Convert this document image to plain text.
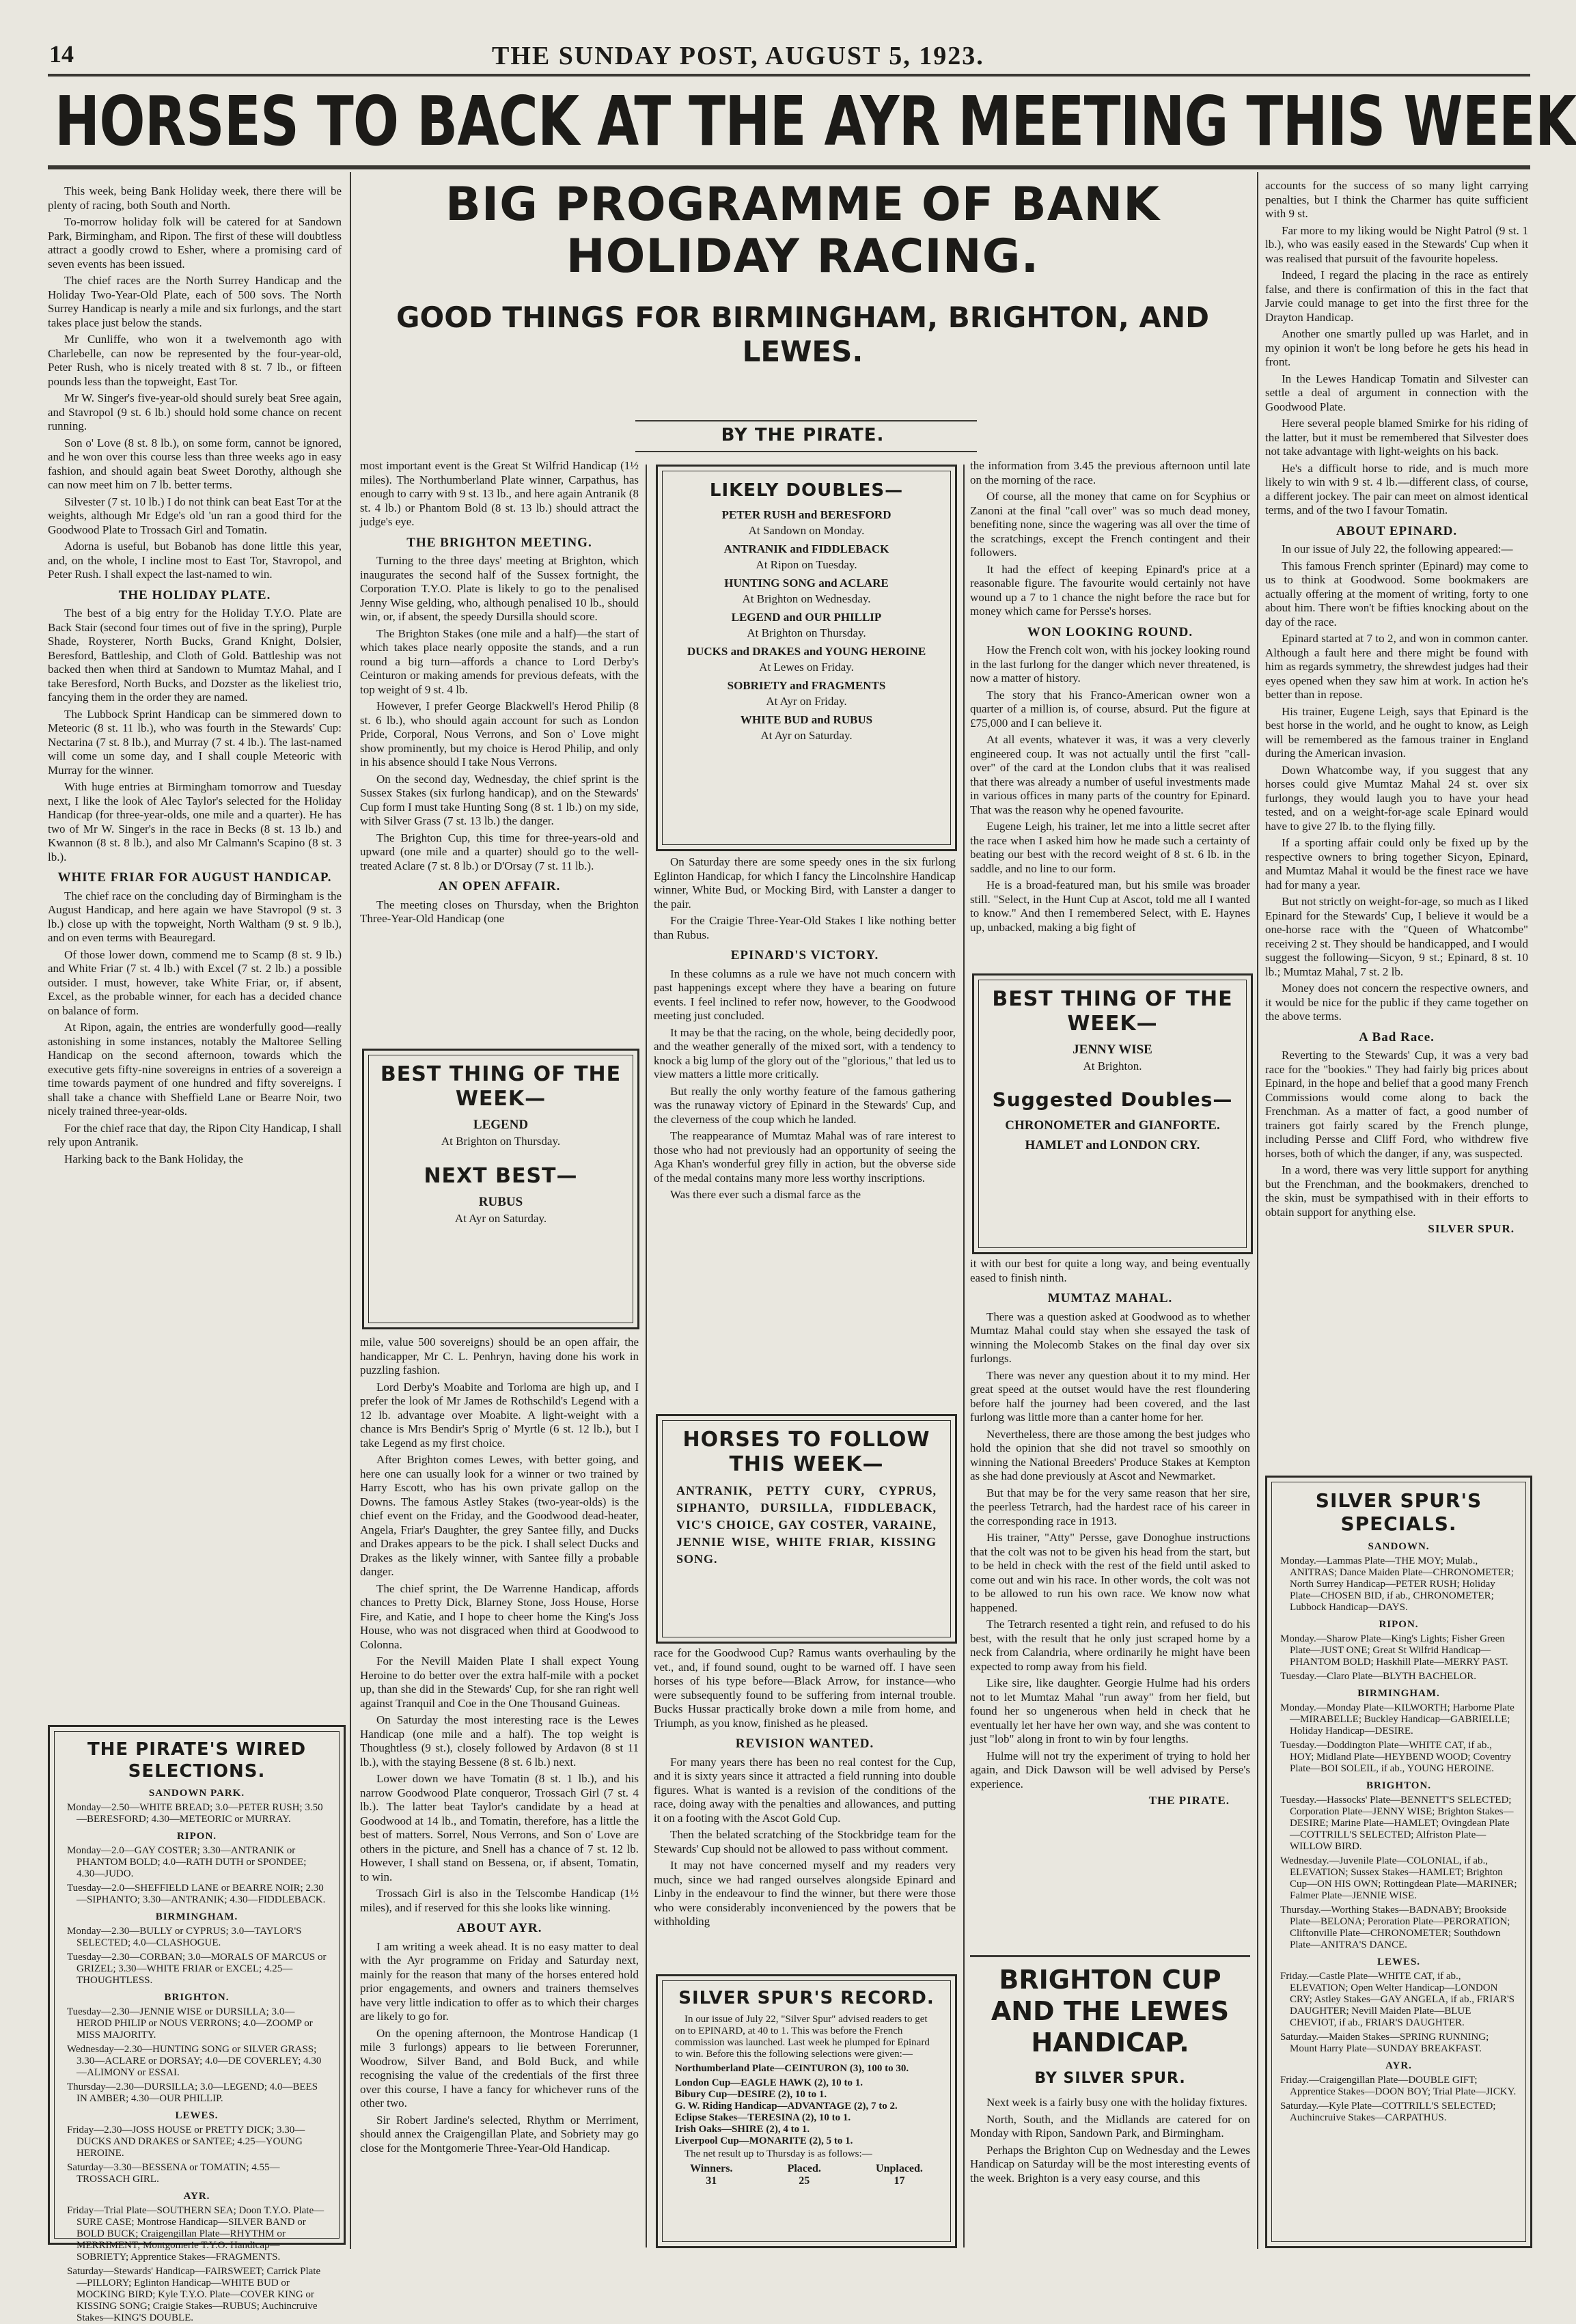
14	THE SUNDAY POST, AUGUST 5, 1923.
HORSES TO BACK AT THE AYR MEETING THIS WEEK

This week, being Bank Holiday week, there there will be plenty of racing, both South and North.

To-morrow holiday folk will be catered for at Sandown Park, Birmingham, and Ripon. The first of these will doubtless attract a goodly crowd to Esher, where a promising card of seven events has been issued.

The chief races are the North Surrey Handicap and the Holiday Two-Year-Old Plate, each of 500 sovs. The North Surrey Handicap is nearly a mile and six furlongs, and the start takes place just below the stands.

Mr Cunliffe, who won it a twelvemonth ago with Charlebelle, can now be represented by the four-year-old, Peter Rush, who is nicely treated with 8 st. 7 lb., or fifteen pounds less than the topweight, East Tor.

Mr W. Singer's five-year-old should surely beat Sree again, and Stavropol (9 st. 6 lb.) should hold some chance on recent running.

Son o' Love (8 st. 8 lb.), on some form, cannot be ignored, and he won over this course less than three weeks ago in easy fashion, and should again beat Sweet Dorothy, although she can now meet him on 7 lb. better terms.

Silvester (7 st. 10 lb.) I do not think can beat East Tor at the weights, although Mr Edge's old 'un ran a good third for the Goodwood Plate to Trossach Girl and Tomatin.

Adorna is useful, but Bobanob has done little this year, and, on the whole, I incline most to East Tor, Stavropol, and Peter Rush. I shall expect the last-named to win.

THE HOLIDAY PLATE.

The best of a big entry for the Holiday T.Y.O. Plate are Back Stair (second four times out of five in the spring), Purple Shade, Roysterer, North Bucks, Grand Knight, Dolsier, Beresford, Battleship, and Cloth of Gold. Battleship was not backed then when third at Sandown to Mumtaz Mahal, and I take Beresford, North Bucks, and Dozster as the likeliest trio, fancying them in the order they are named.

The Lubbock Sprint Handicap can be simmered down to Meteoric (8 st. 11 lb.), who was fourth in the Stewards' Cup: Nectarina (7 st. 8 lb.), and Murray (7 st. 4 lb.). The last-named will come un some day, and I shall couple Meteoric with Murray for the winner.

With huge entries at Birmingham tomorrow and Tuesday next, I like the look of Alec Taylor's selected for the Holiday Handicap (for three-year-olds, one mile and a quarter). He has two of Mr W. Singer's in the race in Becks (8 st. 13 lb.) and Kwannon (8 st. 8 lb.), and also Mr Calmann's Scapino (8 st. 3 lb.).

WHITE FRIAR FOR AUGUST HANDICAP.

The chief race on the concluding day of Birmingham is the August Handicap, and here again we have Stavropol (9 st. 3 lb.) close up with the topweight, North Waltham (9 st. 9 lb.), and on even terms with Beauregard.

Of those lower down, commend me to Scamp (8 st. 9 lb.) and White Friar (7 st. 4 lb.) with Excel (7 st. 2 lb.) a possible outsider. I must, however, take White Friar, or, if absent, Excel, as the probable winner, for each has a decided chance on balance of form.

At Ripon, again, the entries are wonderfully good—really astonishing in some instances, notably the Maltoree Selling Handicap on the second afternoon, towards which the executive gets fifty-nine sovereigns in entries of a sovereign a time towards payment of one hundred and fifty sovereigns. I shall take a chance with Sheffield Lane or Bearre Noir, two nicely trained three-year-olds.

For the chief race that day, the Ripon City Handicap, I shall rely upon Antranik.

Harking back to the Bank Holiday, the

THE PIRATE'S WIRED SELECTIONS.
SANDOWN PARK.
Monday—2.50—WHITE BREAD; 3.0—PETER RUSH; 3.50—BERESFORD; 4.30—METEORIC or MURRAY.
RIPON.
Monday—2.0—GAY COSTER; 3.30—ANTRANIK or PHANTOM BOLD; 4.0—RATH DUTH or SPONDEE; 4.30—JUDO.
Tuesday—2.0—SHEFFIELD LANE or BEARRE NOIR; 2.30—SIPHANTO; 3.30—ANTRANIK; 4.30—FIDDLEBACK.
BIRMINGHAM.
Monday—2.30—BULLY or CYPRUS; 3.0—TAYLOR'S SELECTED; 4.0—CLASHOGUE.
Tuesday—2.30—CORBAN; 3.0—MORALS OF MARCUS or GRIZEL; 3.30—WHITE FRIAR or EXCEL; 4.25—THOUGHTLESS.
BRIGHTON.
Tuesday—2.30—JENNIE WISE or DURSILLA; 3.0—HEROD PHILIP or NOUS VERRONS; 4.0—ZOOMP or MISS MAJORITY.
Wednesday—2.30—HUNTING SONG or SILVER GRASS; 3.30—ACLARE or DORSAY; 4.0—DE COVERLEY; 4.30—ALIMONY or ESSAI.
Thursday—2.30—DURSILLA; 3.0—LEGEND; 4.0—BEES IN AMBER; 4.30—OUR PHILLIP.
LEWES.
Friday—2.30—JOSS HOUSE or PRETTY DICK; 3.30—DUCKS AND DRAKES or SANTEE; 4.25—YOUNG HEROINE.
Saturday—3.30—BESSENA or TOMATIN; 4.55—TROSSACH GIRL.
AYR.
Friday—Trial Plate—SOUTHERN SEA; Doon T.Y.O. Plate—SURE CASE; Montrose Handicap—SILVER BAND or BOLD BUCK; Craigengillan Plate—RHYTHM or MERRIMENT; Montgomerie T.Y.O. Handicap—SOBRIETY; Apprentice Stakes—FRAGMENTS.
Saturday—Stewards' Handicap—FAIRSWEET; Carrick Plate—PILLORY; Eglinton Handicap—WHITE BUD or MOCKING BIRD; Kyle T.Y.O. Plate—COVER KING or KISSING SONG; Craigie Stakes—RUBUS; Auchincruive Stakes—KING'S DOUBLE.
BIG PROGRAMME OF BANK HOLIDAY RACING.
GOOD THINGS FOR BIRMINGHAM, BRIGHTON, AND LEWES.
BY THE PIRATE.

most important event is the Great St Wilfrid Handicap (1½ miles). The Northumberland Plate winner, Carpathus, has enough to carry with 9 st. 13 lb., and here again Antranik (8 st. 4 lb.) or Phantom Bold (8 st. 13 lb.) should attract the judge's eye.

THE BRIGHTON MEETING.

Turning to the three days' meeting at Brighton, which inaugurates the second half of the Sussex fortnight, the Corporation T.Y.O. Plate is likely to go to the penalised Jenny Wise gelding, who, although penalised 10 lb., should win, or, if absent, the speedy Dursilla should score.

The Brighton Stakes (one mile and a half)—the start of which takes place nearly opposite the stands, and a run round a big turn—affords a chance to Lord Derby's Ceinturon or making amends for previous defeats, with the top weight of 9 st. 4 lb.

However, I prefer George Blackwell's Herod Philip (8 st. 6 lb.), who should again account for such as London Pride, Corporal, Nous Verrons, and Son o' Love might show prominently, but my choice is Herod Philip, and only in his absence should I take Nous Verrons.

On the second day, Wednesday, the chief sprint is the Sussex Stakes (six furlong handicap), and on the Stewards' Cup form I must take Hunting Song (8 st. 1 lb.) on my side, with Silver Grass (7 st. 13 lb.) the danger.

The Brighton Cup, this time for three-years-old and upward (one mile and a quarter) should go to the well-treated Aclare (7 st. 8 lb.) or D'Orsay (7 st. 11 lb.).

AN OPEN AFFAIR.

The meeting closes on Thursday, when the Brighton Three-Year-Old Handicap (one

BEST THING OF THE WEEK—
LEGEND
At Brighton on Thursday.
NEXT BEST—
RUBUS
At Ayr on Saturday.

mile, value 500 sovereigns) should be an open affair, the handicapper, Mr C. L. Penhryn, having done his work in puzzling fashion.

Lord Derby's Moabite and Torloma are high up, and I prefer the look of Mr James de Rothschild's Legend with a 12 lb. advantage over Moabite. A light-weight with a chance is Mrs Bendir's Sprig o' Myrtle (6 st. 12 lb.), but I take Legend as my first choice.

After Brighton comes Lewes, with better going, and here one can usually look for a winner or two trained by Harry Escott, who has his own private gallop on the Downs. The famous Astley Stakes (two-year-olds) is the chief event on the Friday, and the Goodwood dead-heater, Angela, Friar's Daughter, the grey Santee filly, and Ducks and Drakes appears to be the pick. I shall select Ducks and Drakes as the likely winner, with Santee filly a probable danger.

The chief sprint, the De Warrenne Handicap, affords chances to Pretty Dick, Blarney Stone, Joss House, Horse Fire, and Katie, and I hope to cheer home the King's Joss House, who was not disgraced when third at Goodwood to Colonna.

For the Nevill Maiden Plate I shall expect Young Heroine to do better over the extra half-mile with a pocket up, than she did in the Stewards' Cup, for she ran right well against Tranquil and Coe in the One Thousand Guineas.

On Saturday the most interesting race is the Lewes Handicap (one mile and a half). The top weight is Thoughtless (9 st.), closely followed by Ardavon (8 st 11 lb.), with the staying Bessene (8 st. 6 lb.) next.

Lower down we have Tomatin (8 st. 1 lb.), and his narrow Goodwood Plate conqueror, Trossach Girl (7 st. 4 lb.). The latter beat Taylor's candidate by a head at Goodwood at 14 lb., and Tomatin, therefore, has a little the best of matters. Sorrel, Nous Verrons, and Son o' Love are others in the picture, and Snell has a chance of 7 st. 12 lb. However, I shall stand on Bessena, or, if absent, Tomatin, to win.

Trossach Girl is also in the Telscombe Handicap (1½ miles), and if reserved for this she looks like winning.

ABOUT AYR.

I am writing a week ahead. It is no easy matter to deal with the Ayr programme on Friday and Saturday next, mainly for the reason that many of the horses entered hold prior engagements, and owners and trainers themselves have very little indication to offer as to which their charges are likely to go for.

On the opening afternoon, the Montrose Handicap (1 mile 3 furlongs) appears to lie between Forerunner, Woodrow, Silver Band, and Bold Buck, and while recognising the value of the credentials of the first three over this course, I have a fancy for whichever runs of the other two.

Sir Robert Jardine's selected, Rhythm or Merriment, should annex the Craigengillan Plate, and Sobriety may go close for the Montgomerie Three-Year-Old Handicap.

LIKELY DOUBLES—
PETER RUSH and BERESFORD
At Sandown on Monday.
ANTRANIK and FIDDLEBACK
At Ripon on Tuesday.
HUNTING SONG and ACLARE
At Brighton on Wednesday.
LEGEND and OUR PHILLIP
At Brighton on Thursday.
DUCKS and DRAKES and YOUNG HEROINE
At Lewes on Friday.
SOBRIETY and FRAGMENTS
At Ayr on Friday.
WHITE BUD and RUBUS
At Ayr on Saturday.

On Saturday there are some speedy ones in the six furlong Eglinton Handicap, for which I fancy the Lincolnshire Handicap winner, White Bud, or Mocking Bird, with Lanster a danger to the pair.

For the Craigie Three-Year-Old Stakes I like nothing better than Rubus.

EPINARD'S VICTORY.

In these columns as a rule we have not much concern with past happenings except where they have a bearing on future events. I feel inclined to refer now, however, to the Goodwood meeting just concluded.

It may be that the racing, on the whole, being decidedly poor, and the weather generally of the mixed sort, with a tendency to knock a big lump of the glory out of the "glorious," that led us to view matters a little more critically.

But really the only worthy feature of the famous gathering was the runaway victory of Epinard in the Stewards' Cup, and the cleverness of the coup which he landed.

The reappearance of Mumtaz Mahal was of rare interest to those who had not previously had an opportunity of seeing the Aga Khan's wonderful grey filly in action, but the obverse side of the medal contains many more less worthy inscriptions.

Was there ever such a dismal farce as the

HORSES TO FOLLOW THIS WEEK—
ANTRANIK, PETTY CURY, CYPRUS, SIPHANTO, DURSILLA, FIDDLEBACK, VIC'S CHOICE, GAY COSTER, VARAINE, JENNIE WISE, WHITE FRIAR, KISSING SONG.

race for the Goodwood Cup? Ramus wants overhauling by the vet., and, if found sound, ought to be warned off. I have seen horses of his type before—Black Arrow, for instance—who were subsequently found to be suffering from internal trouble. Bucks Hussar practically broke down a mile from home, and Triumph, as you know, finished as he pleased.

REVISION WANTED.

For many years there has been no real contest for the Cup, and it is sixty years since it attracted a field running into double figures. What is wanted is a revision of the conditions of the race, doing away with the penalties and allowances, and putting it on a footing with the Ascot Gold Cup.

Then the belated scratching of the Stockbridge team for the Stewards' Cup should not be allowed to pass without comment.

It may not have concerned myself and my readers very much, since we had ranged ourselves alongside Epinard and Linby in the endeavour to find the winner, but there were those who were considerably inconvenienced by the powers that be withholding

SILVER SPUR'S RECORD.
In our issue of July 22, "Silver Spur" advised readers to get on to EPINARD, at 40 to 1. This was before the French commission was launched. Last week he plumped for Epinard to win. Before this the following selections were given:—
Northumberland Plate—CEINTURON (3), 100 to 30.
London Cup—EAGLE HAWK (2), 10 to 1.
Bibury Cup—DESIRE (2), 10 to 1.
G. W. Riding Handicap—ADVANTAGE (2), 7 to 2.
Eclipse Stakes—TERESINA (2), 10 to 1.
Irish Oaks—SHIRE (2), 4 to 1.
Liverpool Cup—MONARITE (2), 5 to 1.
The net result up to Thursday is as follows:—
Winners.
31
Placed.
25
Unplaced.
17

the information from 3.45 the previous afternoon until late on the morning of the race.

Of course, all the money that came on for Scyphius or Zanoni at the final "call over" was so much dead money, benefiting none, since the wagering was all over the time of the scratchings, except the French contingent and their followers.

It had the effect of keeping Epinard's price at a reasonable figure. The favourite would certainly not have wound up a 7 to 1 chance the night before the race but for money which came for Persse's horses.

WON LOOKING ROUND.

How the French colt won, with his jockey looking round in the last furlong for the danger which never threatened, is now a matter of history.

The story that his Franco-American owner won a quarter of a million is, of course, absurd. Put the figure at £75,000 and I can believe it.

At all events, whatever it was, it was a very cleverly engineered coup. It was not actually until the first "call-over" of the card at the London clubs that it was realised that there was already a number of useful investments made in various offices in many parts of the country for Epinard. That was the reason why he opened favourite.

Eugene Leigh, his trainer, let me into a little secret after the race when I asked him how he made such a certainty of beating our best with the record weight of 8 st. 6 lb. in the saddle, and no line to our form.

He is a broad-featured man, but his smile was broader still. "Select, in the Hunt Cup at Ascot, told me all I wanted to know." And then I remembered Select, with E. Haynes up, unbacked, making a big fight of

BEST THING OF THE WEEK—
JENNY WISE
At Brighton.
Suggested Doubles—
CHRONOMETER and GIANFORTE.
HAMLET and LONDON CRY.

it with our best for quite a long way, and being eventually eased to finish ninth.

MUMTAZ MAHAL.

There was a question asked at Goodwood as to whether Mumtaz Mahal could stay when she essayed the task of winning the Molecomb Stakes on the final day over six furlongs.

There was never any question about it to my mind. Her great speed at the outset would have the rest floundering before half the journey had been covered, and the last furlong was little more than a canter home for her.

Nevertheless, there are those among the best judges who hold the opinion that she did not travel so smoothly on winning the National Breeders' Produce Stakes at Kempton as she had done previously at Ascot and Newmarket.

But that may be for the very same reason that her sire, the peerless Tetrarch, had the hardest race of his career in the corresponding race in 1913.

His trainer, "Atty" Persse, gave Donoghue instructions that the colt was not to be given his head from the start, but to be held in check with the rest of the field until asked to come out and win his race. In other words, the colt was not to be allowed to run his own race. We know now what happened.

The Tetrarch resented a tight rein, and refused to do his best, with the result that he only just scraped home by a neck from Calandria, where ordinarily he might have been expected to romp away from his field.

Like sire, like daughter. Georgie Hulme had his orders not to let Mumtaz Mahal "run away" from her field, but found her so ungenerous when held in check that he eventually let her have her own way, and she was content to just "lob" along in front to win by four lengths.

Hulme will not try the experiment of trying to hold her again, and Dick Dawson will be well advised by Perse's experience.

THE PIRATE.
BRIGHTON CUP AND THE LEWES HANDICAP.
BY SILVER SPUR.

Next week is a fairly busy one with the holiday fixtures.

North, South, and the Midlands are catered for on Monday with Ripon, Sandown Park, and Birmingham.

Perhaps the Brighton Cup on Wednesday and the Lewes Handicap on Saturday will be the most interesting events of the week. Brighton is a very easy course, and this

accounts for the success of so many light carrying penalties, but I think the Charmer has quite sufficient with 9 st.

Far more to my liking would be Night Patrol (9 st. 1 lb.), who was easily eased in the Stewards' Cup when it was realised that pursuit of the favourite hopeless.

Indeed, I regard the placing in the race as entirely false, and there is confirmation of this in the fact that Jarvie could manage to get into the first three for the Drayton Handicap.

Another one smartly pulled up was Harlet, and in my opinion it won't be long before he gets his head in front.

In the Lewes Handicap Tomatin and Silvester can settle a deal of argument in connection with the Goodwood Plate.

Here several people blamed Smirke for his riding of the latter, but it must be remembered that Silvester does not take advantage with light-weights on his back.

He's a difficult horse to ride, and is much more likely to win with 9 st. 4 lb.—different class, of course, a different jockey. The pair can meet on almost identical terms, and of the two I favour Tomatin.

ABOUT EPINARD.

In our issue of July 22, the following appeared:—

This famous French sprinter (Epinard) may come to us to think at Goodwood. Some bookmakers are actually offering at the moment of writing, forty to one about him. There won't be fifties knocking about on the day of the race.

Epinard started at 7 to 2, and won in common canter. Although a fault here and there might be found with him as regards symmetry, the shrewdest judges had their eyes opened when they saw him at work. In action he's better than in repose.

His trainer, Eugene Leigh, says that Epinard is the best horse in the world, and he ought to know, as Leigh will be remembered as the famous trainer in England during the American invasion.

Down Whatcombe way, if you suggest that any horses could give Mumtaz Mahal 24 st. over six furlongs, they would laugh you to have your head tested, and on a weight-for-age scale Epinard would have to give 27 lb. to the flying filly.

If a sporting affair could only be fixed up by the respective owners to bring together Sicyon, Epinard, and Mumtaz Mahal it would be the finest race we have had for many a year.

But not strictly on weight-for-age, so much as I liked Epinard for the Stewards' Cup, I believe it would be a one-horse race with the "Queen of Whatcombe" receiving 2 st. They should be handicapped, and I would suggest the following—Sicyon, 9 st.; Epinard, 8 st. 10 lb.; Mumtaz Mahal, 7 st. 2 lb.

Money does not concern the respective owners, and it would be nice for the public if they came together on the above terms.

A Bad Race.

Reverting to the Stewards' Cup, it was a very bad race for the "bookies." They had fairly big prices about Epinard, in the hope and belief that a good many French Commissions would come along to back the Frenchman. As a matter of fact, a good number of trainers got fairly scared by the French plunge, including Persse and Cliff Ford, who withdrew five horses, both of which the danger, if any, was suspected.

In a word, there was very little support for anything but the Frenchman, and the bookmakers, drenched to the skin, must be sympathised with in their efforts to obtain support for anything else.

SILVER SPUR.
SILVER SPUR'S SPECIALS.
SANDOWN.
Monday.—Lammas Plate—THE MOY; Mulab., ANITRAS; Dance Maiden Plate—CHRONOMETER; North Surrey Handicap—PETER RUSH; Holiday Plate—CHOSEN BID, if ab., CHRONOMETER; Lubbock Handicap—DAYS.
RIPON.
Monday.—Sharow Plate—King's Lights; Fisher Green Plate—JUST ONE; Great St Wilfrid Handicap—PHANTOM BOLD; Haskhill Plate—MERRY PAST.
Tuesday.—Claro Plate—BLYTH BACHELOR.
BIRMINGHAM.
Monday.—Monday Plate—KILWORTH; Harborne Plate—MIRABELLE; Buckley Handicap—GABRIELLE; Holiday Handicap—DESIRE.
Tuesday.—Doddington Plate—WHITE CAT, if ab., HOY; Midland Plate—HEYBEND WOOD; Coventry Plate—BOI SOLEIL, if ab., YOUNG HEROINE.
BRIGHTON.
Tuesday.—Hassocks' Plate—BENNETT'S SELECTED; Corporation Plate—JENNY WISE; Brighton Stakes—DESIRE; Marine Plate—HAMLET; Ovingdean Plate—COTTRILL'S SELECTED; Alfriston Plate—WILLOW BIRD.
Wednesday.—Juvenile Plate—COLONIAL, if ab., ELEVATION; Sussex Stakes—HAMLET; Brighton Cup—ON HIS OWN; Rottingdean Plate—MARINER; Falmer Plate—JENNIE WISE.
Thursday.—Worthing Stakes—BADNABY; Brookside Plate—BELONA; Peroration Plate—PERORATION; Cliftonville Plate—CHRONOMETER; Southdown Plate—ANITRA'S DANCE.
LEWES.
Friday.—Castle Plate—WHITE CAT, if ab., ELEVATION; Open Welter Handicap—LONDON CRY; Astley Stakes—GAY ANGELA, if ab., FRIAR'S DAUGHTER; Nevill Maiden Plate—BLUE CHEVIOT, if ab., FRIAR'S DAUGHTER.
Saturday.—Maiden Stakes—SPRING RUNNING; Mount Harry Plate—SUNDAY BREAKFAST.
AYR.
Friday.—Craigengillan Plate—DOUBLE GIFT; Apprentice Stakes—DOON BOY; Trial Plate—JICKY.
Saturday.—Kyle Plate—COTTRILL'S SELECTED; Auchincruive Stakes—CARPATHUS.
